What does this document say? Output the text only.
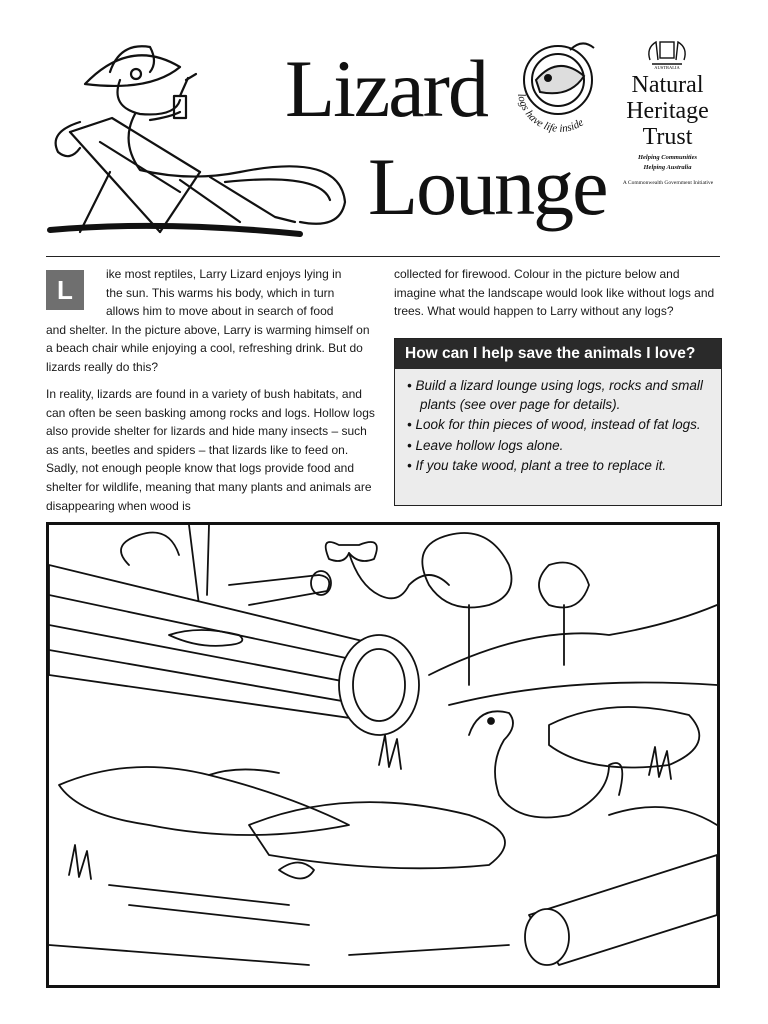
Lizard
Lounge
logs have life inside
AUSTRALIA
Natural
Heritage
Trust
Helping Communities
Helping Australia
A Commonwealth Government Initiative
L

ike most reptiles, Larry Lizard enjoys lying in

the sun. This warms his body, which in turn

allows him to move about in search of food

and shelter. In the picture above, Larry is warming himself on a beach chair while enjoying a cool, refreshing drink. But do lizards really do this?

In reality, lizards are found in a variety of bush habitats, and can often be seen basking among rocks and logs. Hollow logs also provide shelter for lizards and hide many insects – such as ants, beetles and spiders – that lizards like to feed on. Sadly, not enough people know that logs provide food and shelter for wildlife, meaning that many plants and animals are disappearing when wood is

collected for firewood. Colour in the picture below and imagine what the landscape would look like without logs and trees. What would happen to Larry without any logs?

How can I help save the animals I love?
• Build a lizard lounge using logs, rocks and small plants (see over page for details).
• Look for thin pieces of wood, instead of fat logs.
• Leave hollow logs alone.
• If you take wood, plant a tree to replace it.
